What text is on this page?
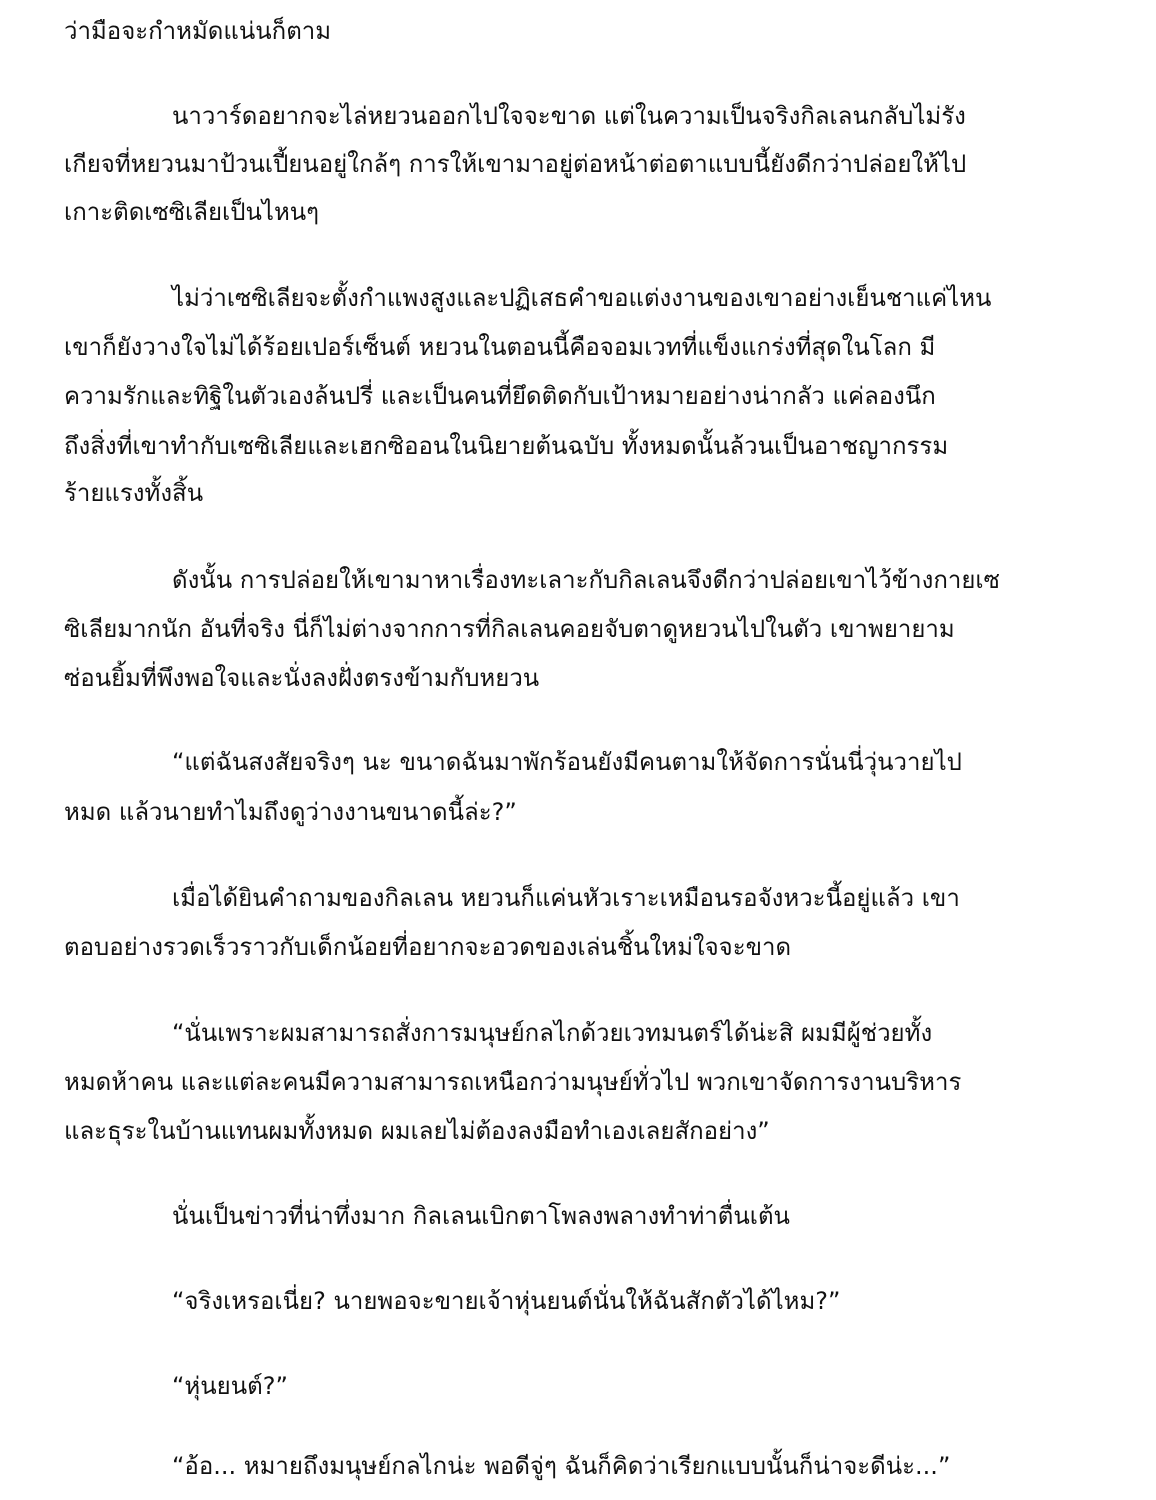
ว่ามือจะกำหมัดแน่นก็ตาม

นาวาร์ดอยากจะไล่หยวนออกไปใจจะขาด แต่ในความเป็นจริงกิลเลนกลับไม่รัง

เกียจที่หยวนมาป้วนเปี้ยนอยู่ใกล้ๆ การให้เขามาอยู่ต่อหน้าต่อตาแบบนี้ยังดีกว่าปล่อยให้ไป

เกาะติดเซซิเลียเป็นไหนๆ

ไม่ว่าเซซิเลียจะตั้งกำแพงสูงและปฏิเสธคำขอแต่งงานของเขาอย่างเย็นชาแค่ไหน

เขาก็ยังวางใจไม่ได้ร้อยเปอร์เซ็นต์ หยวนในตอนนี้คือจอมเวทที่แข็งแกร่งที่สุดในโลก มี

ความรักและทิฐิในตัวเองล้นปรี่ และเป็นคนที่ยึดติดกับเป้าหมายอย่างน่ากลัว แค่ลองนึก

ถึงสิ่งที่เขาทำกับเซซิเลียและเฮกซิออนในนิยายต้นฉบับ ทั้งหมดนั้นล้วนเป็นอาชญากรรม

ร้ายแรงทั้งสิ้น

ดังนั้น การปล่อยให้เขามาหาเรื่องทะเลาะกับกิลเลนจึงดีกว่าปล่อยเขาไว้ข้างกายเซ

ซิเลียมากนัก อันที่จริง นี่ก็ไม่ต่างจากการที่กิลเลนคอยจับตาดูหยวนไปในตัว เขาพยายาม

ซ่อนยิ้มที่พึงพอใจและนั่งลงฝั่งตรงข้ามกับหยวน

“แต่ฉันสงสัยจริงๆ นะ ขนาดฉันมาพักร้อนยังมีคนตามให้จัดการนั่นนี่วุ่นวายไป

หมด แล้วนายทำไมถึงดูว่างงานขนาดนี้ล่ะ?”

เมื่อได้ยินคำถามของกิลเลน หยวนก็แค่นหัวเราะเหมือนรอจังหวะนี้อยู่แล้ว เขา

ตอบอย่างรวดเร็วราวกับเด็กน้อยที่อยากจะอวดของเล่นชิ้นใหม่ใจจะขาด

“นั่นเพราะผมสามารถสั่งการมนุษย์กลไกด้วยเวทมนตร์ได้น่ะสิ ผมมีผู้ช่วยทั้ง

หมดห้าคน และแต่ละคนมีความสามารถเหนือกว่ามนุษย์ทั่วไป พวกเขาจัดการงานบริหาร

และธุระในบ้านแทนผมทั้งหมด ผมเลยไม่ต้องลงมือทำเองเลยสักอย่าง”

นั่นเป็นข่าวที่น่าทึ่งมาก กิลเลนเบิกตาโพลงพลางทำท่าตื่นเต้น

“จริงเหรอเนี่ย? นายพอจะขายเจ้าหุ่นยนต์นั่นให้ฉันสักตัวได้ไหม?”

“หุ่นยนต์?”

“อ้อ... หมายถึงมนุษย์กลไกน่ะ พอดีจู่ๆ ฉันก็คิดว่าเรียกแบบนั้นก็น่าจะดีน่ะ...”
